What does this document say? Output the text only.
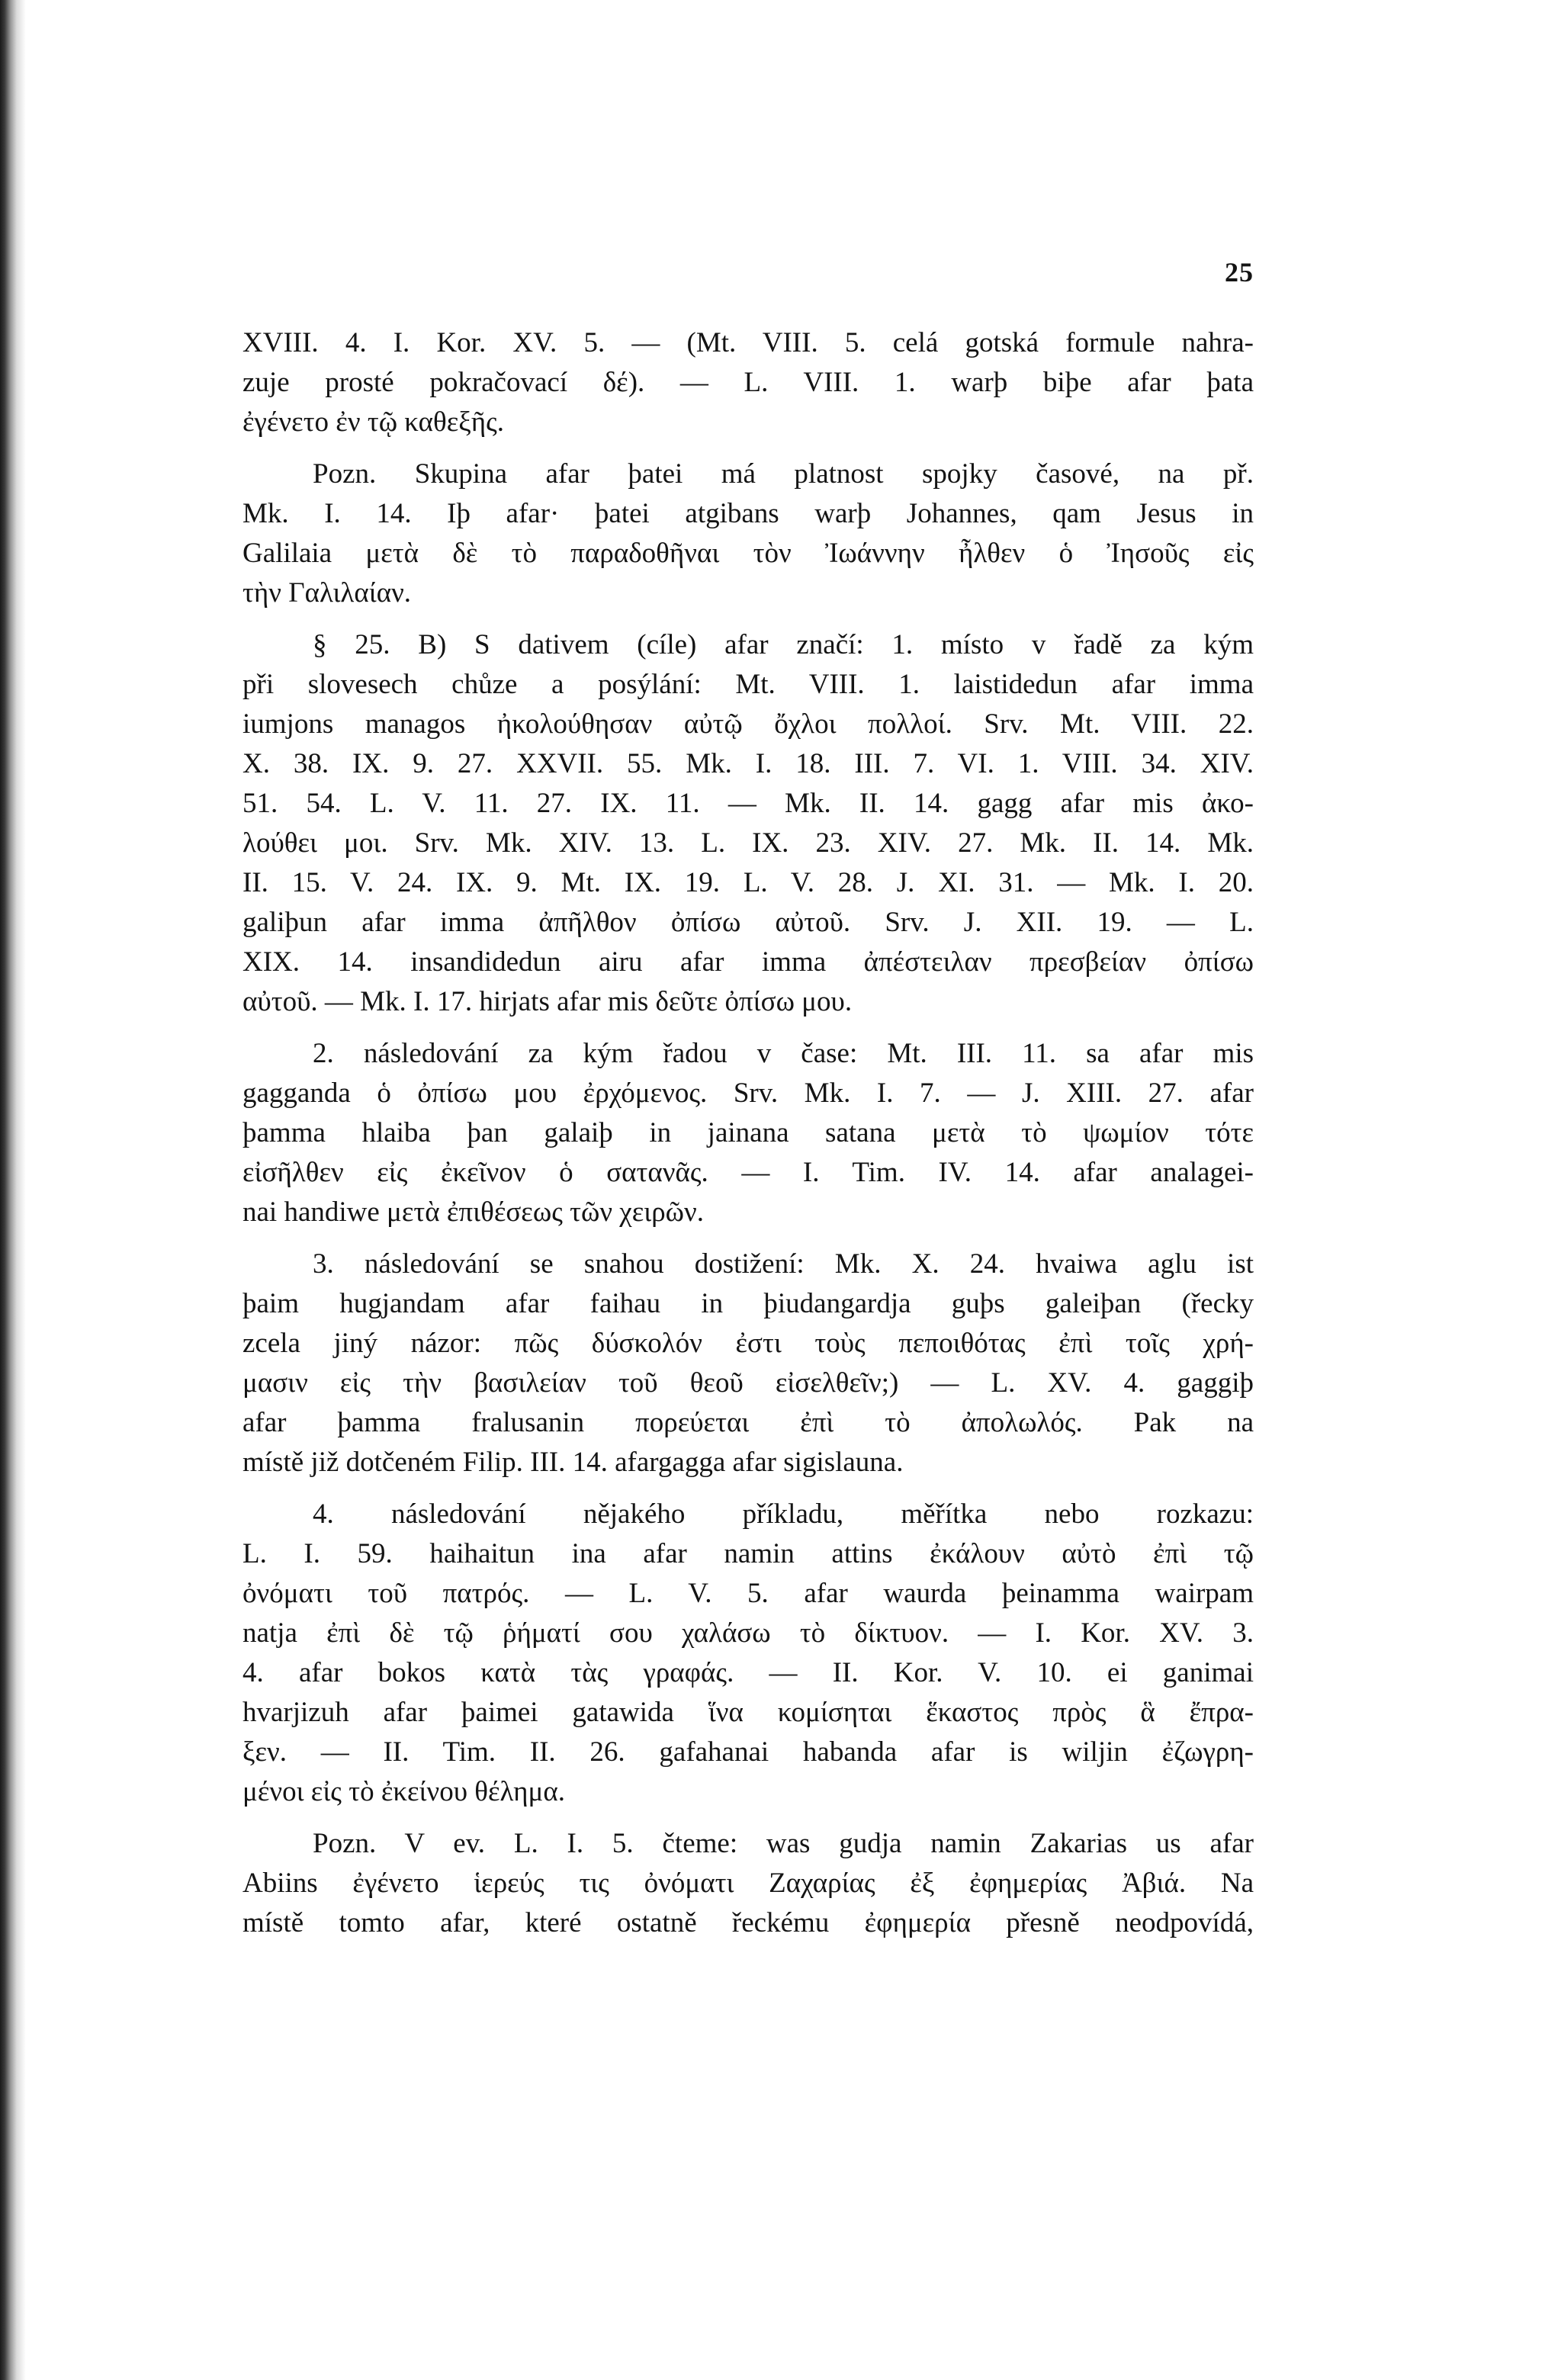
25
XVIII. 4. I. Kor. XV. 5. — (Mt. VIII. 5. celá gotská formule nahra-
zuje prosté pokračovací δέ). — L. VIII. 1. warþ biþe afar þata
ἐγένετο ἐν τῷ καθεξῆς.
Pozn. Skupina afar þatei má platnost spojky časové, na př.
Mk. I. 14. Iþ afar· þatei atgibans warþ Johannes, qam Jesus in
Galilaia μετὰ δὲ τὸ παραδοθῆναι τὸν Ἰωάννην ἦλθεν ὁ Ἰησοῦς εἰς
τὴν Γαλιλαίαν.
§ 25. B) S dativem (cíle) afar značí: 1. místo v řadě za kým
při slovesech chůze a posýlání: Mt. VIII. 1. laistidedun afar imma
iumjons managos ἠκολούθησαν αὐτῷ ὄχλοι πολλοί. Srv. Mt. VIII. 22.
X. 38. IX. 9. 27. XXVII. 55. Mk. I. 18. III. 7. VI. 1. VIII. 34. XIV.
51. 54. L. V. 11. 27. IX. 11. — Mk. II. 14. gagg afar mis ἀκο-
λούθει μοι. Srv. Mk. XIV. 13. L. IX. 23. XIV. 27. Mk. II. 14. Mk.
II. 15. V. 24. IX. 9. Mt. IX. 19. L. V. 28. J. XI. 31. — Mk. I. 20.
galiþun afar imma ἀπῆλθον ὀπίσω αὐτοῦ. Srv. J. XII. 19. — L.
XIX. 14. insandidedun airu afar imma ἀπέστειλαν πρεσβείαν ὀπίσω
αὐτοῦ. — Mk. I. 17. hirjats afar mis δεῦτε ὀπίσω μου.
2. následování za kým řadou v čase: Mt. III. 11. sa afar mis
gagganda ὁ ὀπίσω μου ἐρχόμενος. Srv. Mk. I. 7. — J. XIII. 27. afar
þamma hlaiba þan galaiþ in jainana satana μετὰ τὸ ψωμίον τότε
εἰσῆλθεν εἰς ἐκεῖνον ὁ σατανᾶς. — I. Tim. IV. 14. afar analagei-
nai handiwe μετὰ ἐπιθέσεως τῶν χειρῶν.
3. následování se snahou dostižení: Mk. X. 24. hvaiwa aglu ist
þaim hugjandam afar faihau in þiudangardja guþs galeiþan (řecky
zcela jiný názor: πῶς δύσκολόν ἐστι τοὺς πεποιθότας ἐπὶ τοῖς χρή-
μασιν εἰς τὴν βασιλείαν τοῦ θεοῦ εἰσελθεῖν;) — L. XV. 4. gaggiþ
afar þamma fralusanin πορεύεται ἐπὶ τὸ ἀπολωλός. Pak na
místě již dotčeném Filip. III. 14. afargagga afar sigislauna.
4. následování nějakého příkladu, měřítka nebo rozkazu:
L. I. 59. haihaitun ina afar namin attins ἐκάλουν αὐτὸ ἐπὶ τῷ
ὀνόματι τοῦ πατρός. — L. V. 5. afar waurda þeinamma wairpam
natja ἐπὶ δὲ τῷ ῥήματί σου χαλάσω τὸ δίκτυον. — I. Kor. XV. 3.
4. afar bokos κατὰ τὰς γραφάς. — II. Kor. V. 10. ei ganimai
hvarjizuh afar þaimei gatawida ἵνα κομίσηται ἕκαστος πρὸς ἃ ἔπρα-
ξεν. — II. Tim. II. 26. gafahanai habanda afar is wiljin ἐζωγρη-
μένοι εἰς τὸ ἐκείνου θέλημα.
Pozn. V ev. L. I. 5. čteme: was gudja namin Zakarias us afar
Abiins ἐγένετο ἱερεύς τις ὀνόματι Ζαχαρίας ἐξ ἐφημερίας Ἀβιά. Na
místě tomto afar, které ostatně řeckému ἐφημερία přesně neodpovídá,
